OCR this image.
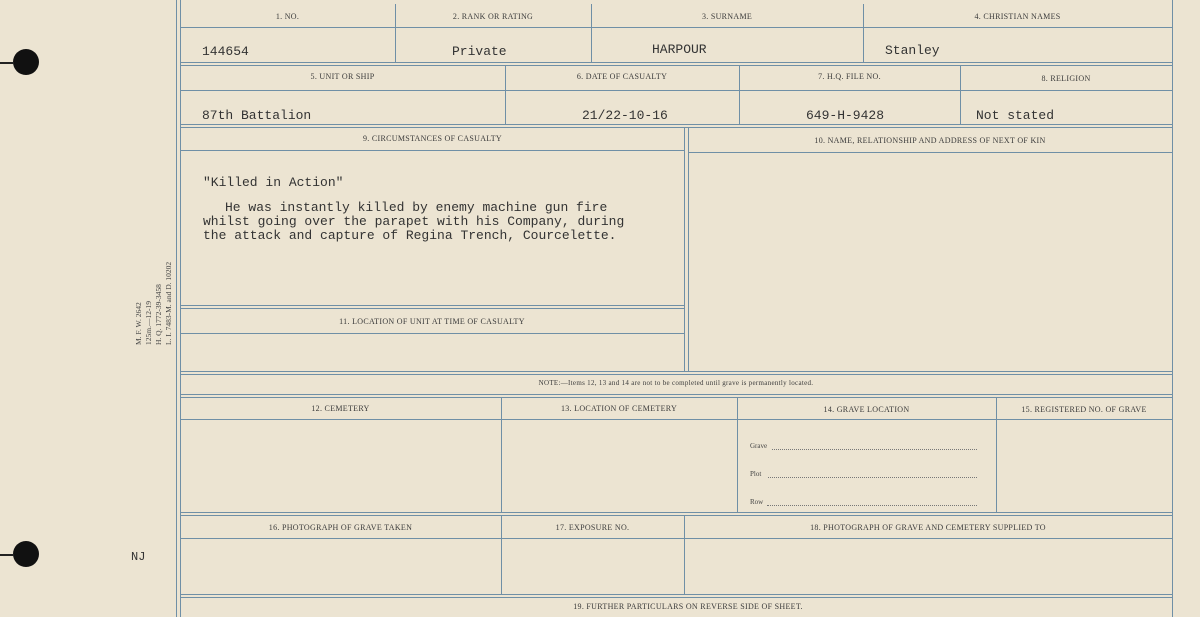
M. F. W. 2642 125m.—12-19 H. Q. 1772-39-3458 L. I. 7483-M. and D. 10202
NJ
1. NO.	2. RANK OR RATING	3. SURNAME	4. CHRISTIAN NAMES
144654	Private	HARPOUR	Stanley
5. UNIT OR SHIP	6. DATE OF CASUALTY	7. H.Q. FILE NO.	8. RELIGION
87th Battalion	21/22-10-16	649-H-9428	Not stated
9. CIRCUMSTANCES OF CASUALTY	10. NAME, RELATIONSHIP AND ADDRESS OF NEXT OF KIN
"Killed in Action"
He was instantly killed by enemy machine gun fire
whilst going over the parapet with his Company, during
the attack and capture of Regina Trench, Courcelette.
11. LOCATION OF UNIT AT TIME OF CASUALTY
NOTE:—Items 12, 13 and 14 are not to be completed until grave is permanently located.
12. CEMETERY	13. LOCATION OF CEMETERY	14. GRAVE LOCATION	15. REGISTERED NO. OF GRAVE
Grave
Plot
Row
16. PHOTOGRAPH OF GRAVE TAKEN	17. EXPOSURE NO.	18. PHOTOGRAPH OF GRAVE AND CEMETERY SUPPLIED TO
19. FURTHER PARTICULARS ON REVERSE SIDE OF SHEET.
